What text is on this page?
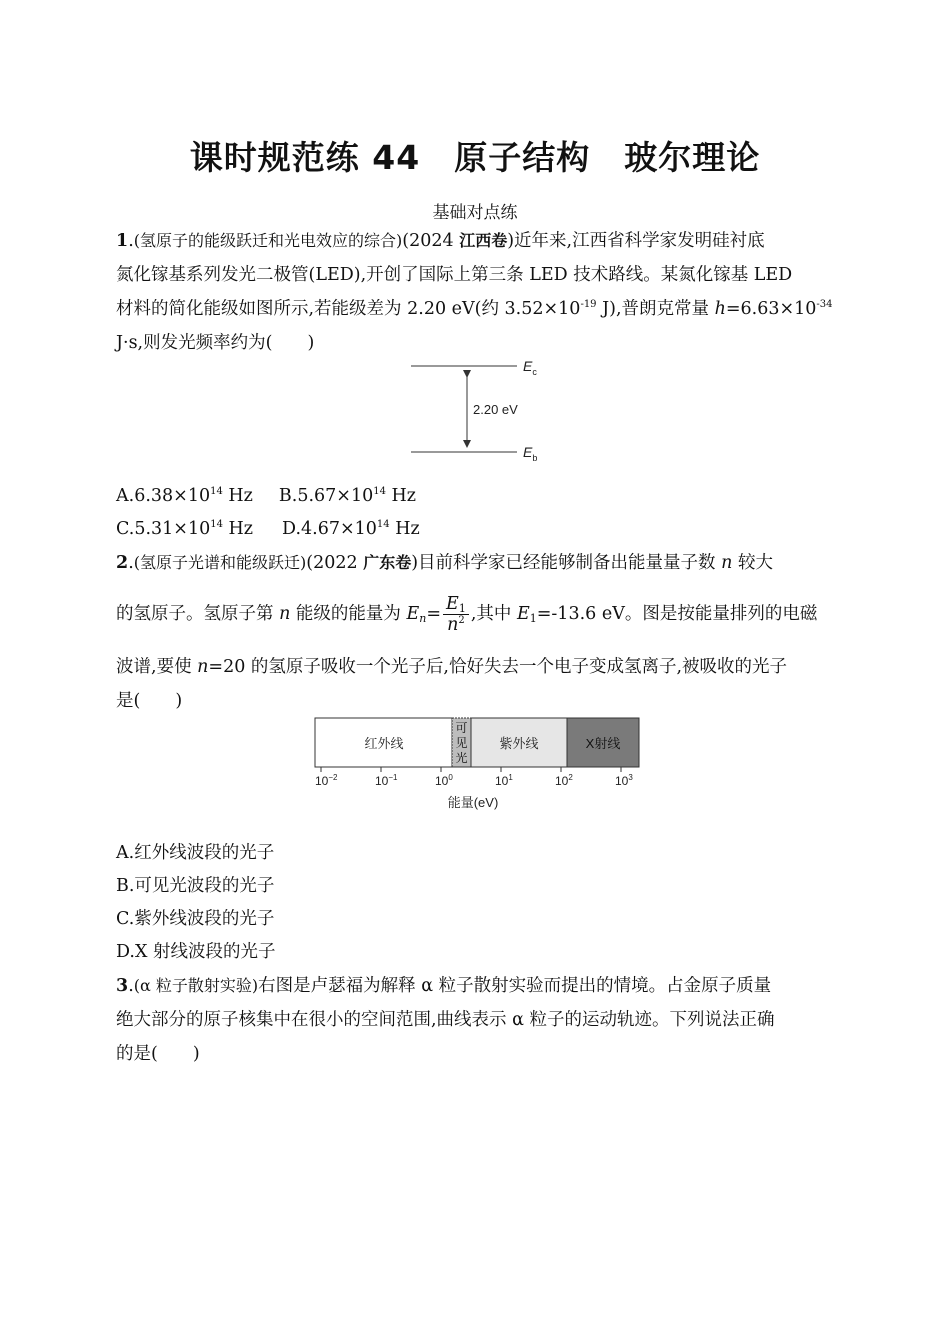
课时规范练 44　原子结构　玻尔理论
基础对点练
1.(氢原子的能级跃迁和光电效应的综合)(2024 江西卷)近年来,江西省科学家发明硅衬底
氮化镓基系列发光二极管(LED),开创了国际上第三条 LED 技术路线。某氮化镓基 LED
材料的简化能级如图所示,若能级差为 2.20 eV(约 $3.52\times 10^{-19}$ J),普朗克常量 $h=6.63\times 10^{-34}$
J·s,则发光频率约为(　　)
2.20 eV
$E_c$
$E_b$
$A.6.38\times 10^{14}$ Hz $B.5.67\times 10^{14}$ Hz
$C.5.31\times 10^{14}$ Hz $D.4.67\times 10^{14}$ Hz
2.(氢原子光谱和能级跃迁)(2022 广东卷)目前科学家已经能够制备出能量量子数 n 较大
的氢原子。氢原子第 n 能级的能量为 $E_n= \frac{E_1}{n^2}$ ,其中 $E_1=-13.6$ eV。图是按能量排列的电磁
波谱,要使 n=20 的氢原子吸收一个光子后,恰好失去一个电子变成氢离子,被吸收的光子
是(　　)
红外线
可
见
光
紫外线	X射线
$10^{-2}$	$10^{-1}$	$10^0$	$10^1$	$10^2$	$10^3$
能量(eV)
A.红外线波段的光子
B.可见光波段的光子
C.紫外线波段的光子
D.X 射线波段的光子
3.(α 粒子散射实验)右图是卢瑟福为解释 α 粒子散射实验而提出的情境。占金原子质量
绝大部分的原子核集中在很小的空间范围,曲线表示 α 粒子的运动轨迹。下列说法正确
的是(　　)
